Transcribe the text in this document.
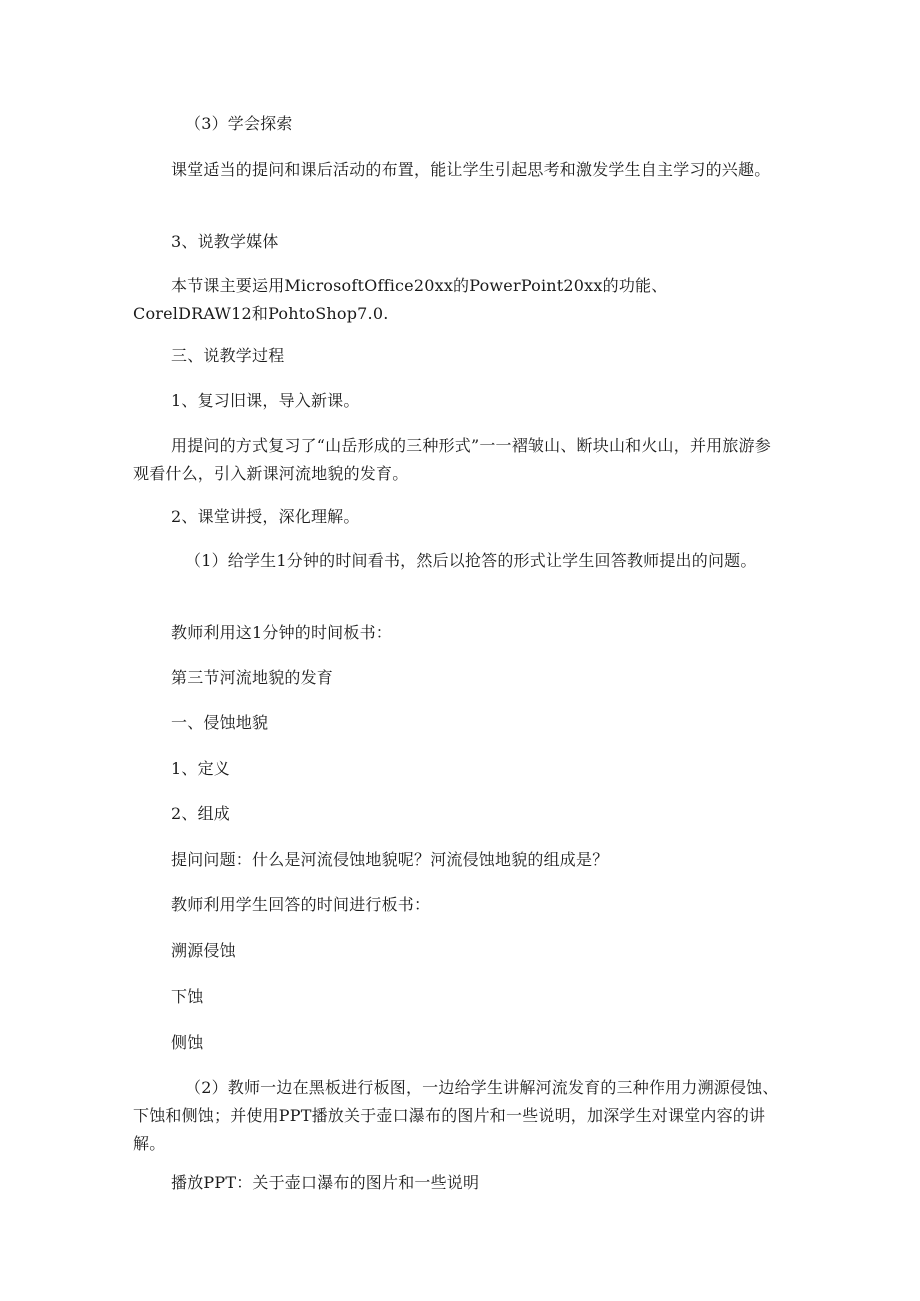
（3）学会探索

课堂适当的提问和课后活动的布置，能让学生引起思考和激发学生自主学习的兴趣。

3、说教学媒体

本节课主要运用MicrosoftOffice20xx的PowerPoint20xx的功能、CorelDRAW12和PohtoShop7.0.

三、说教学过程

1、复习旧课，导入新课。

用提问的方式复习了“山岳形成的三种形式”一一褶皱山、断块山和火山，并用旅游参观看什么，引入新课河流地貌的发育。

2、课堂讲授，深化理解。

（1）给学生1分钟的时间看书，然后以抢答的形式让学生回答教师提出的问题。

教师利用这1分钟的时间板书：

第三节河流地貌的发育

一、侵蚀地貌

1、定义

2、组成

提问问题：什么是河流侵蚀地貌呢？河流侵蚀地貌的组成是？

教师利用学生回答的时间进行板书：

溯源侵蚀

下蚀

侧蚀

（2）教师一边在黑板进行板图，一边给学生讲解河流发育的三种作用力溯源侵蚀、下蚀和侧蚀；并使用PPT播放关于壶口瀑布的图片和一些说明，加深学生对课堂内容的讲解。

播放PPT：关于壶口瀑布的图片和一些说明
